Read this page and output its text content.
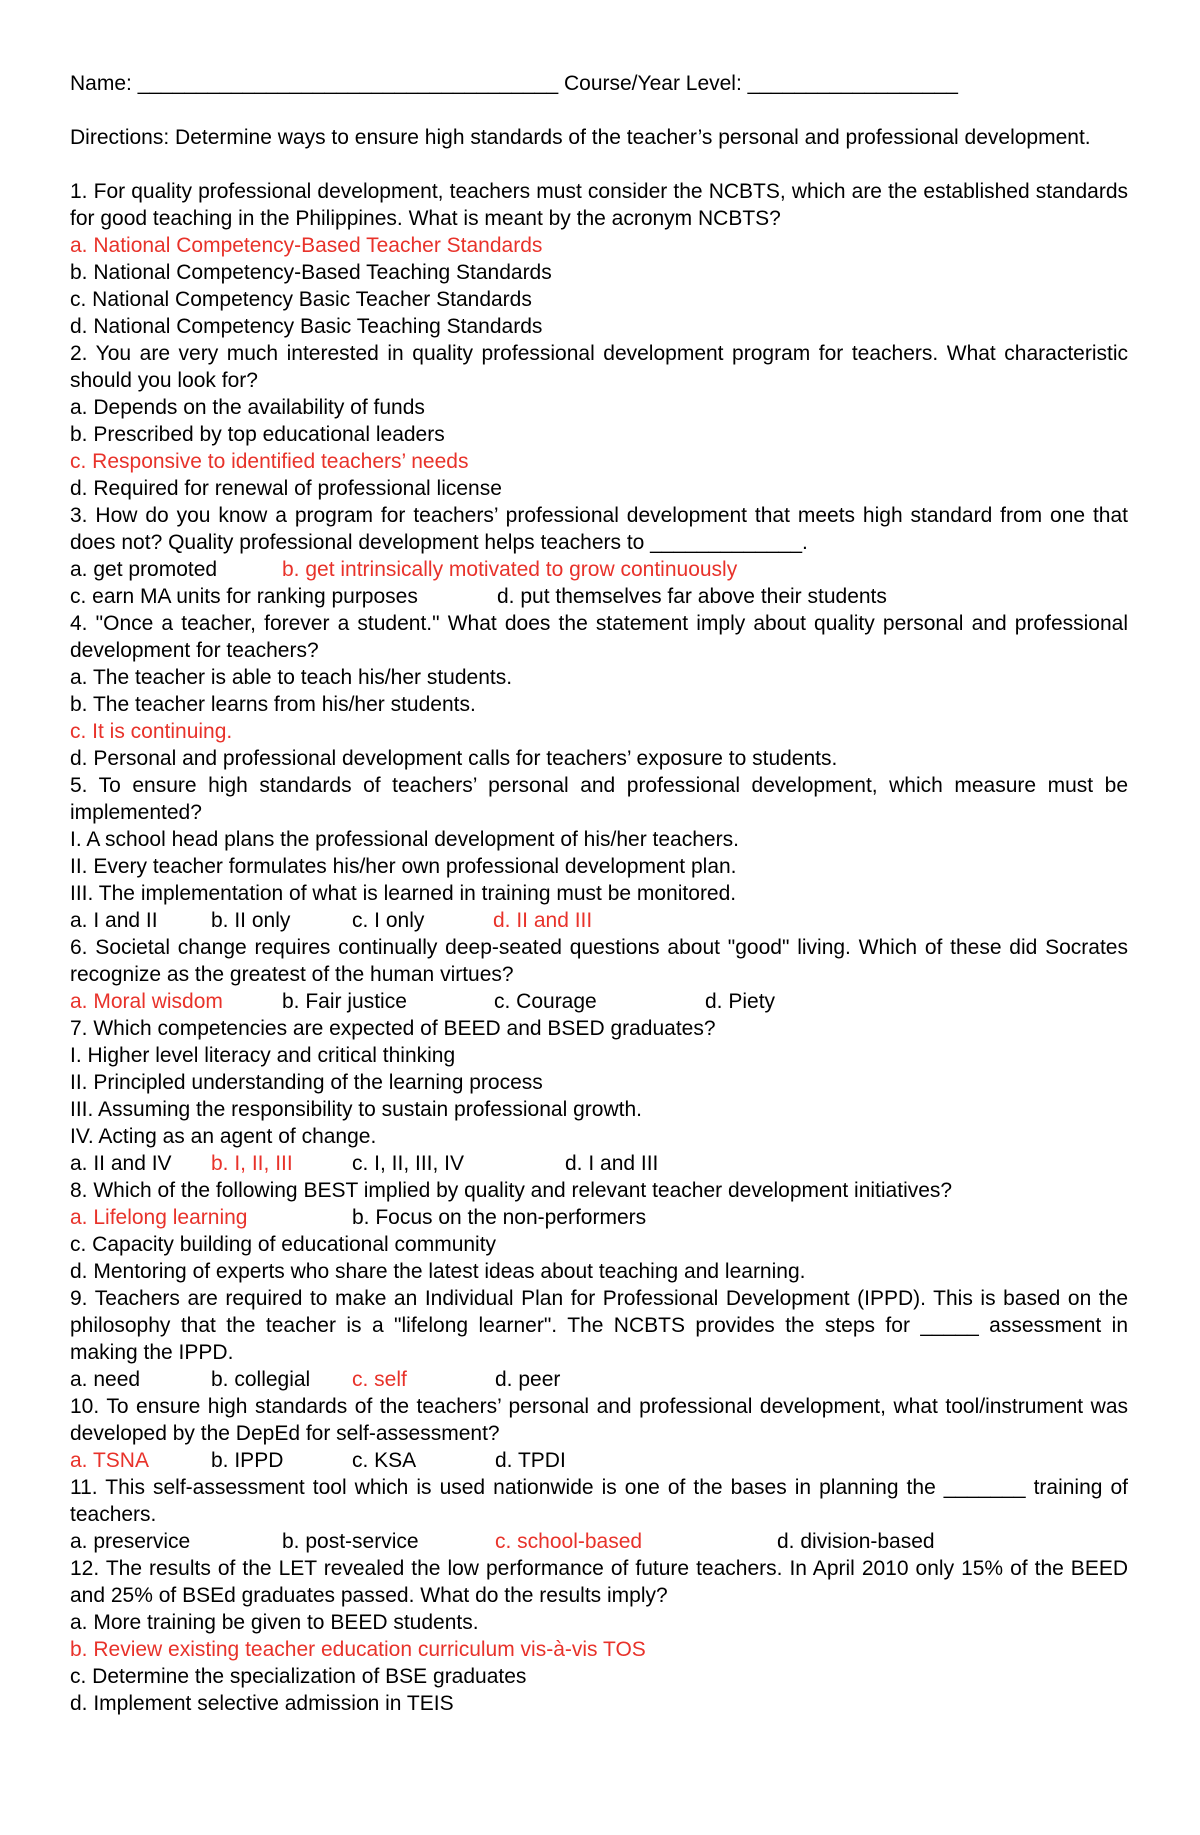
Name: ____________________________________ Course/Year Level: __________________
Directions: Determine ways to ensure high standards of the teacher’s personal and professional development.
1. For quality professional development, teachers must consider the NCBTS, which are the established standards for good teaching in the Philippines. What is meant by the acronym NCBTS?
a. National Competency-Based Teacher Standards
b. National Competency-Based Teaching Standards
c. National Competency Basic Teacher Standards
d. National Competency Basic Teaching Standards
2. You are very much interested in quality professional development program for teachers. What characteristic should you look for?
a. Depends on the availability of funds
b. Prescribed by top educational leaders
c. Responsive to identified teachers’ needs
d. Required for renewal of professional license
3. How do you know a program for teachers’ professional development that meets high standard from one that does not? Quality professional development helps teachers to _____________.
a. get promoted	b. get intrinsically motivated to grow continuously
c. earn MA units for ranking purposes	d. put themselves far above their students
4. "Once a teacher, forever a student." What does the statement imply about quality personal and professional development for teachers?
a. The teacher is able to teach his/her students.
b. The teacher learns from his/her students.
c. It is continuing.
d. Personal and professional development calls for teachers’ exposure to students.
5. To ensure high standards of teachers’ personal and professional development, which measure must be implemented?
I. A school head plans the professional development of his/her teachers.
II. Every teacher formulates his/her own professional development plan.
III. The implementation of what is learned in training must be monitored.
a. I and II	b. II only	c. I only	d. II and III
6. Societal change requires continually deep-seated questions about "good" living. Which of these did Socrates recognize as the greatest of the human virtues?
a. Moral wisdom	b. Fair justice	c. Courage	d. Piety
7. Which competencies are expected of BEED and BSED graduates?
I. Higher level literacy and critical thinking
II. Principled understanding of the learning process
III. Assuming the responsibility to sustain professional growth.
IV. Acting as an agent of change.
a. II and IV	b. I, II, III	c. I, II, III, IV	d. I and III
8. Which of the following BEST implied by quality and relevant teacher development initiatives?
a. Lifelong learning	b. Focus on the non-performers
c. Capacity building of educational community
d. Mentoring of experts who share the latest ideas about teaching and learning.
9. Teachers are required to make an Individual Plan for Professional Development (IPPD). This is based on the philosophy that the teacher is a "lifelong learner". The NCBTS provides the steps for _____ assessment in making the IPPD.
a. need	b. collegial	c. self	d. peer
10. To ensure high standards of the teachers’ personal and professional development, what tool/instrument was developed by the DepEd for self-assessment?
a. TSNA	b. IPPD	c. KSA	d. TPDI
11. This self-assessment tool which is used nationwide is one of the bases in planning the _______ training of teachers.
a. preservice	b. post-service	c. school-based	d. division-based
12. The results of the LET revealed the low performance of future teachers. In April 2010 only 15% of the BEED and 25% of BSEd graduates passed. What do the results imply?
a. More training be given to BEED students.
b. Review existing teacher education curriculum vis-à-vis TOS
c. Determine the specialization of BSE graduates
d. Implement selective admission in TEIS
